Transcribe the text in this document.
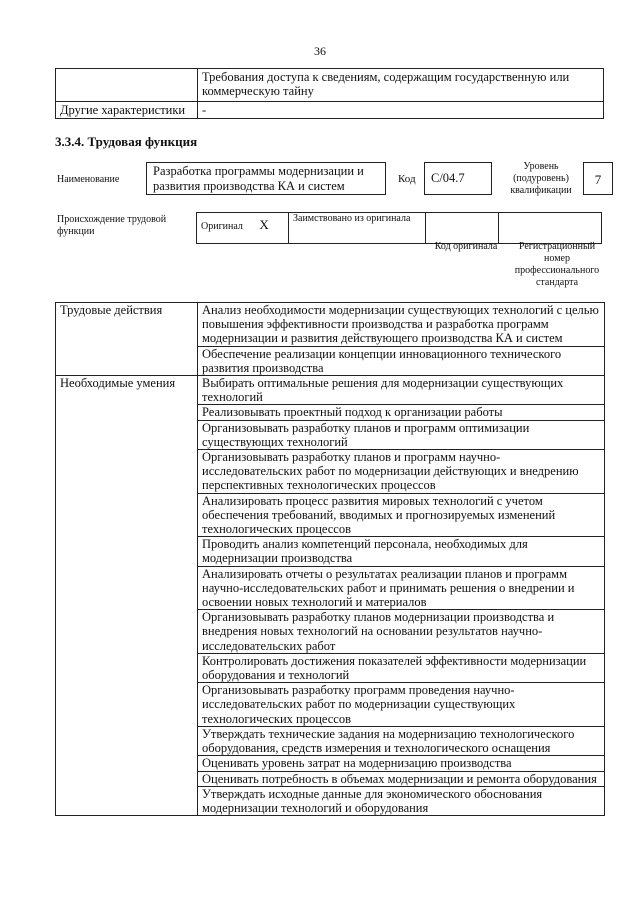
36
	Требования доступа к сведениям, содержащим государственную или коммерческую тайну
Другие характеристики	-
3.3.4. Трудовая функция
Наименование
Разработка программы модернизации и развития производства КА и систем	Код	С/04.7
Уровень (подуровень) квалификации
7
Происхождение трудовой функции	Оригинал X	Заимствовано из оригинала		
Код оригинала	Регистрационный номер профессионального стандарта
Трудовые действия	Анализ необходимости модернизации существующих технологий с целью повышения эффективности производства и разработка программ модернизации и развития действующего производства КА и систем
	Обеспечение реализации концепции инновационного технического развития производства
Необходимые умения	Выбирать оптимальные решения для модернизации существующих технологий
	Реализовывать проектный подход к организации работы
	Организовывать разработку планов и программ оптимизации существующих технологий
	Организовывать разработку планов и программ научно-исследовательских работ по модернизации действующих и внедрению перспективных технологических процессов
	Анализировать процесс развития мировых технологий с учетом обеспечения требований, вводимых и прогнозируемых изменений технологических процессов
	Проводить анализ компетенций персонала, необходимых для модернизации производства
	Анализировать отчеты о результатах реализации планов и программ научно-исследовательских работ и принимать решения о внедрении и освоении новых технологий и материалов
	Организовывать разработку планов модернизации производства и внедрения новых технологий на основании результатов научно-исследовательских работ
	Контролировать достижения показателей эффективности модернизации оборудования и технологий
	Организовывать разработку программ проведения научно-исследовательских работ по модернизации существующих технологических процессов
	Утверждать технические задания на модернизацию технологического оборудования, средств измерения и технологического оснащения
	Оценивать уровень затрат на модернизацию производства
	Оценивать потребность в объемах модернизации и ремонта оборудования
	Утверждать исходные данные для экономического обоснования модернизации технологий и оборудования
